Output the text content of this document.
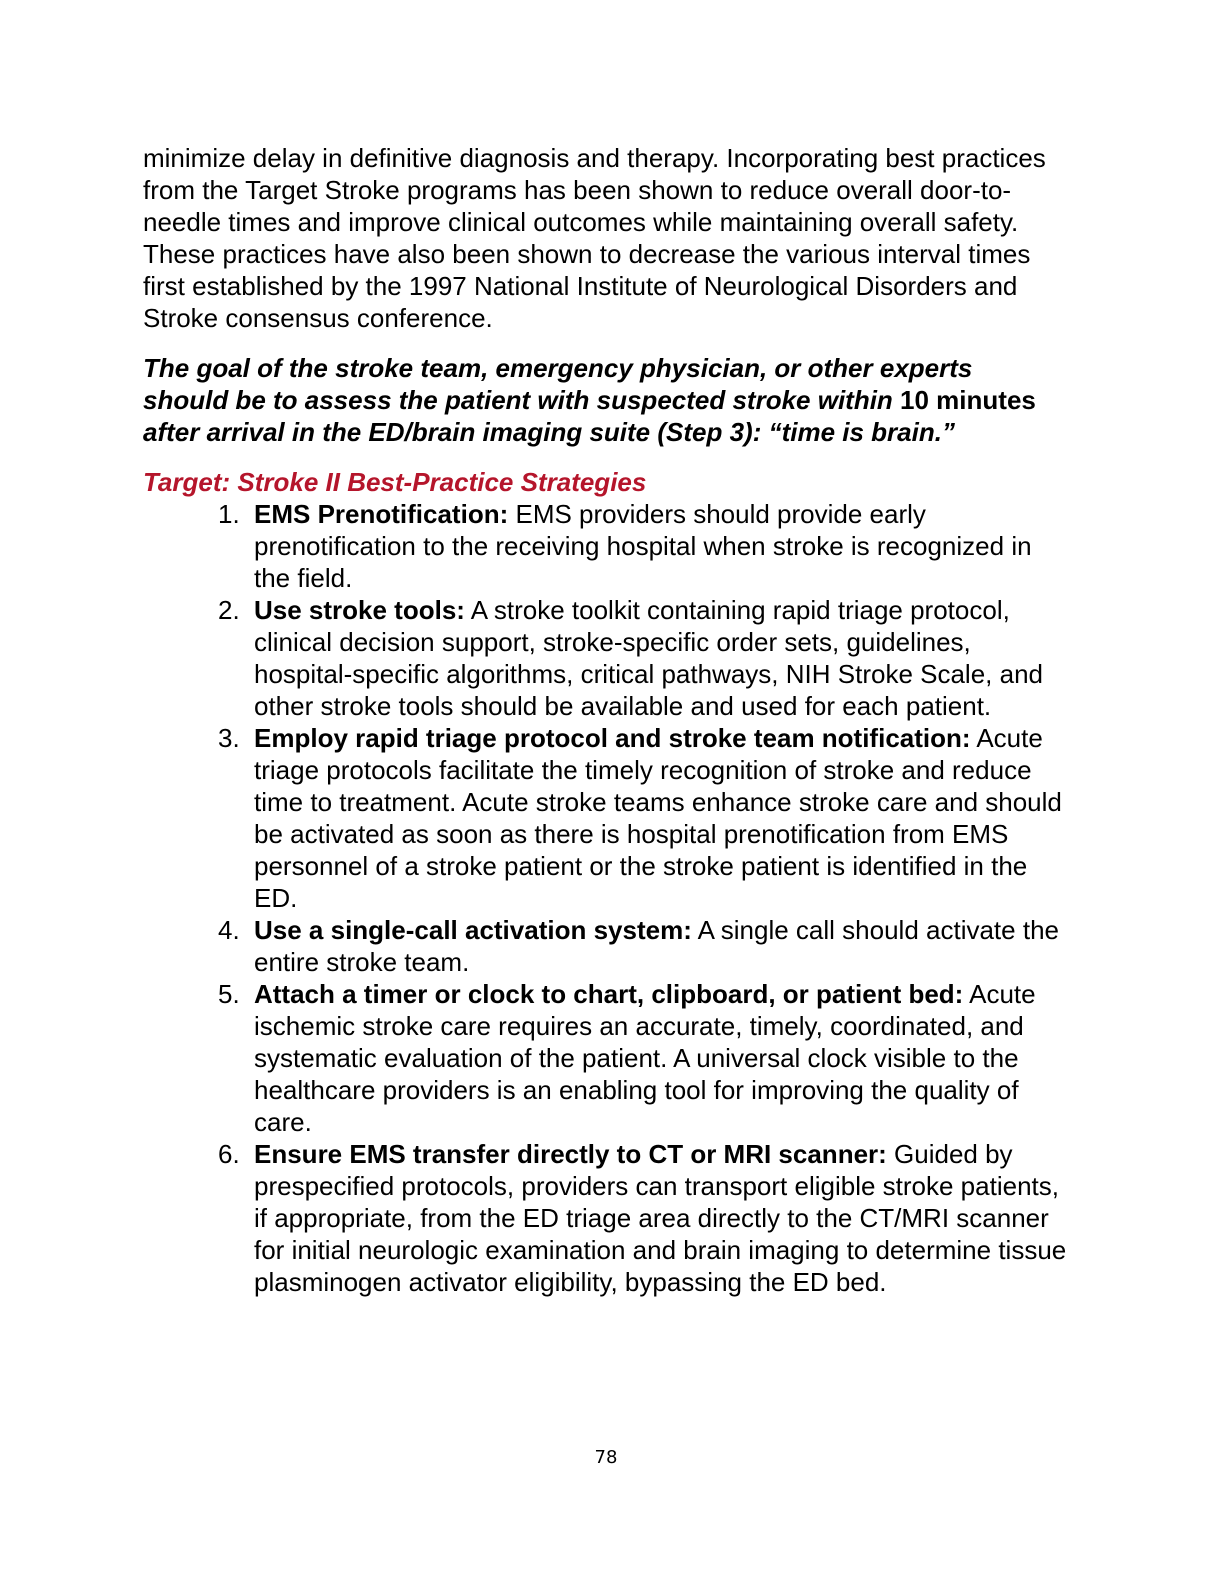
minimize delay in definitive diagnosis and therapy. Incorporating best practices from the Target Stroke programs has been shown to reduce overall door-to-needle times and improve clinical outcomes while maintaining overall safety. These practices have also been shown to decrease the various interval times first established by the 1997 National Institute of Neurological Disorders and Stroke consensus conference.

The goal of the stroke team, emergency physician, or other experts should be to assess the patient with suspected stroke within 10 minutes after arrival in the ED/brain imaging suite (Step 3): “time is brain.”

Target: Stroke II Best-Practice Strategies

1. EMS Prenotification: EMS providers should provide early prenotification to the receiving hospital when stroke is recognized in the field.
2. Use stroke tools: A stroke toolkit containing rapid triage protocol, clinical decision support, stroke-specific order sets, guidelines, hospital-specific algorithms, critical pathways, NIH Stroke Scale, and other stroke tools should be available and used for each patient.
3. Employ rapid triage protocol and stroke team notification: Acute triage protocols facilitate the timely recognition of stroke and reduce time to treatment. Acute stroke teams enhance stroke care and should be activated as soon as there is hospital prenotification from EMS personnel of a stroke patient or the stroke patient is identified in the ED.
4. Use a single-call activation system: A single call should activate the entire stroke team.
5. Attach a timer or clock to chart, clipboard, or patient bed: Acute ischemic stroke care requires an accurate, timely, coordinated, and systematic evaluation of the patient. A universal clock visible to the healthcare providers is an enabling tool for improving the quality of care.
6. Ensure EMS transfer directly to CT or MRI scanner: Guided by prespecified protocols, providers can transport eligible stroke patients, if appropriate, from the ED triage area directly to the CT/MRI scanner for initial neurologic examination and brain imaging to determine tissue plasminogen activator eligibility, bypassing the ED bed.
78
